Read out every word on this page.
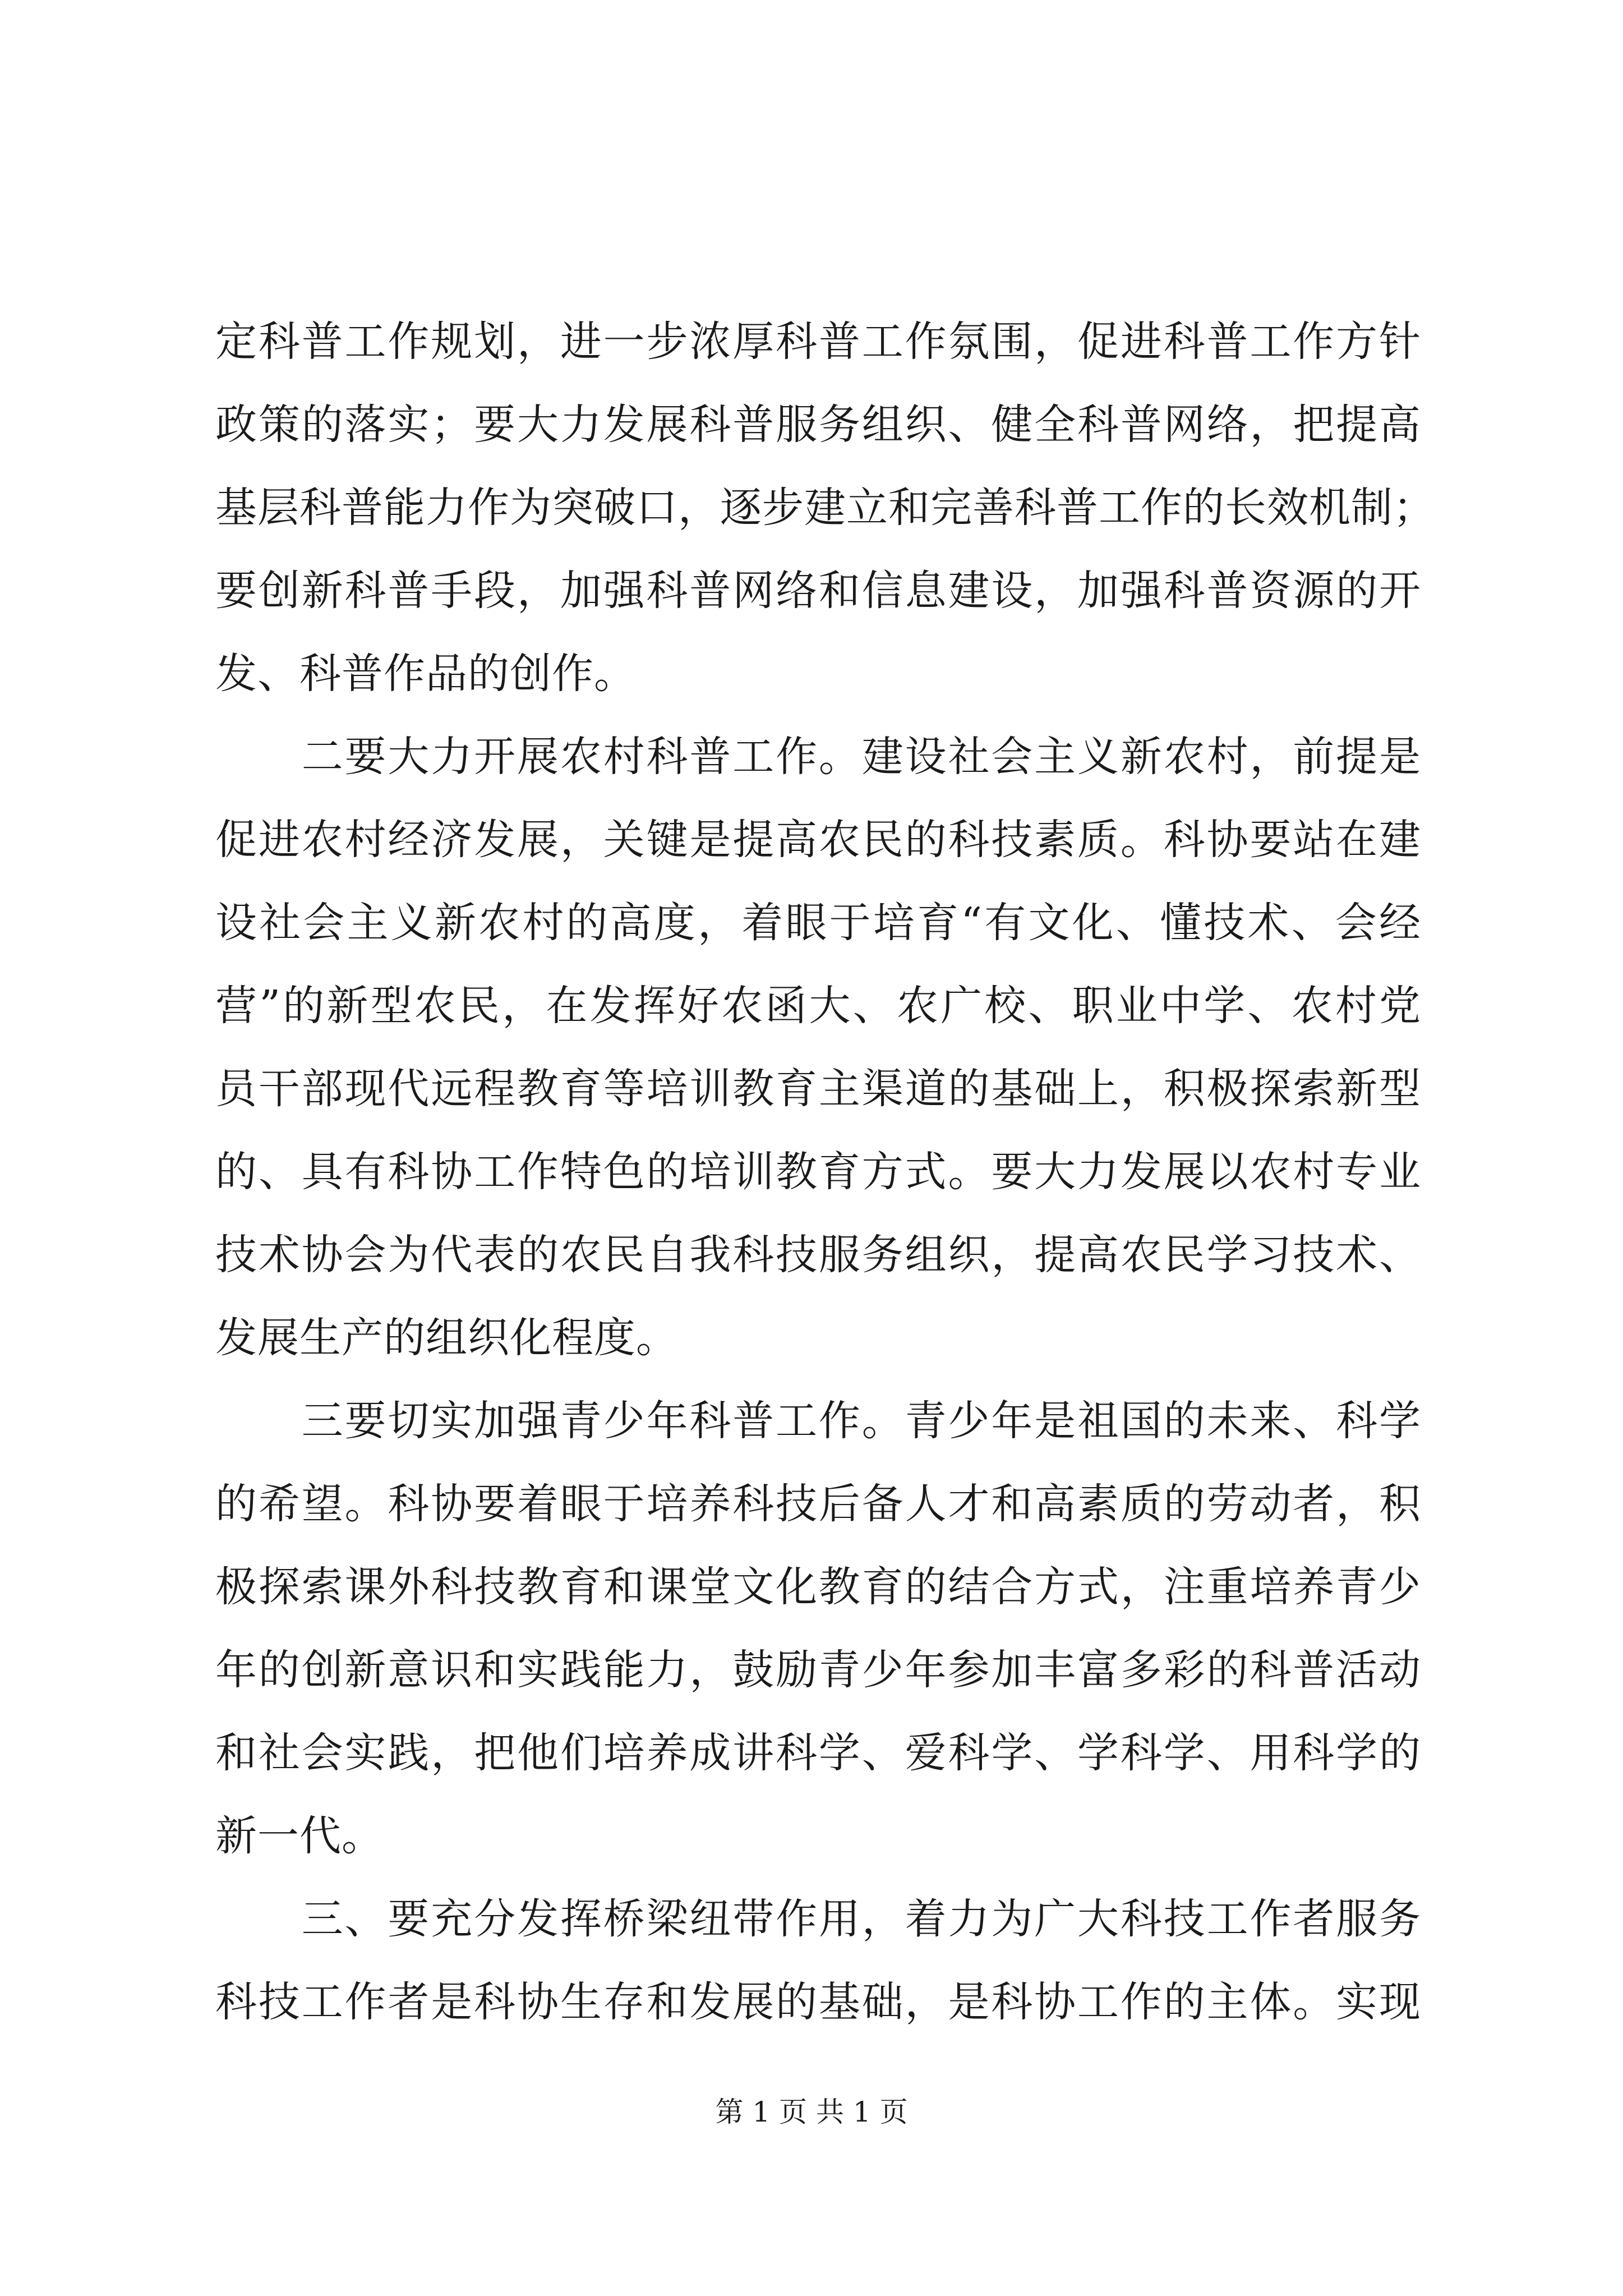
定科普工作规划，进一步浓厚科普工作氛围，促进科普工作方针
政策的落实；要大力发展科普服务组织、健全科普网络，把提高
基层科普能力作为突破口，逐步建立和完善科普工作的长效机制；
要创新科普手段，加强科普网络和信息建设，加强科普资源的开
发、科普作品的创作。
　　二要大力开展农村科普工作。建设社会主义新农村，前提是
促进农村经济发展，关键是提高农民的科技素质。科协要站在建
设社会主义新农村的高度，着眼于培育“有文化、懂技术、会经
营”的新型农民，在发挥好农函大、农广校、职业中学、农村党
员干部现代远程教育等培训教育主渠道的基础上，积极探索新型
的、具有科协工作特色的培训教育方式。要大力发展以农村专业
技术协会为代表的农民自我科技服务组织，提高农民学习技术、
发展生产的组织化程度。
　　三要切实加强青少年科普工作。青少年是祖国的未来、科学
的希望。科协要着眼于培养科技后备人才和高素质的劳动者，积
极探索课外科技教育和课堂文化教育的结合方式，注重培养青少
年的创新意识和实践能力，鼓励青少年参加丰富多彩的科普活动
和社会实践，把他们培养成讲科学、爱科学、学科学、用科学的
新一代。
　　三、要充分发挥桥梁纽带作用，着力为广大科技工作者服务
科技工作者是科协生存和发展的基础，是科协工作的主体。实现
第 1 页 共 1 页
